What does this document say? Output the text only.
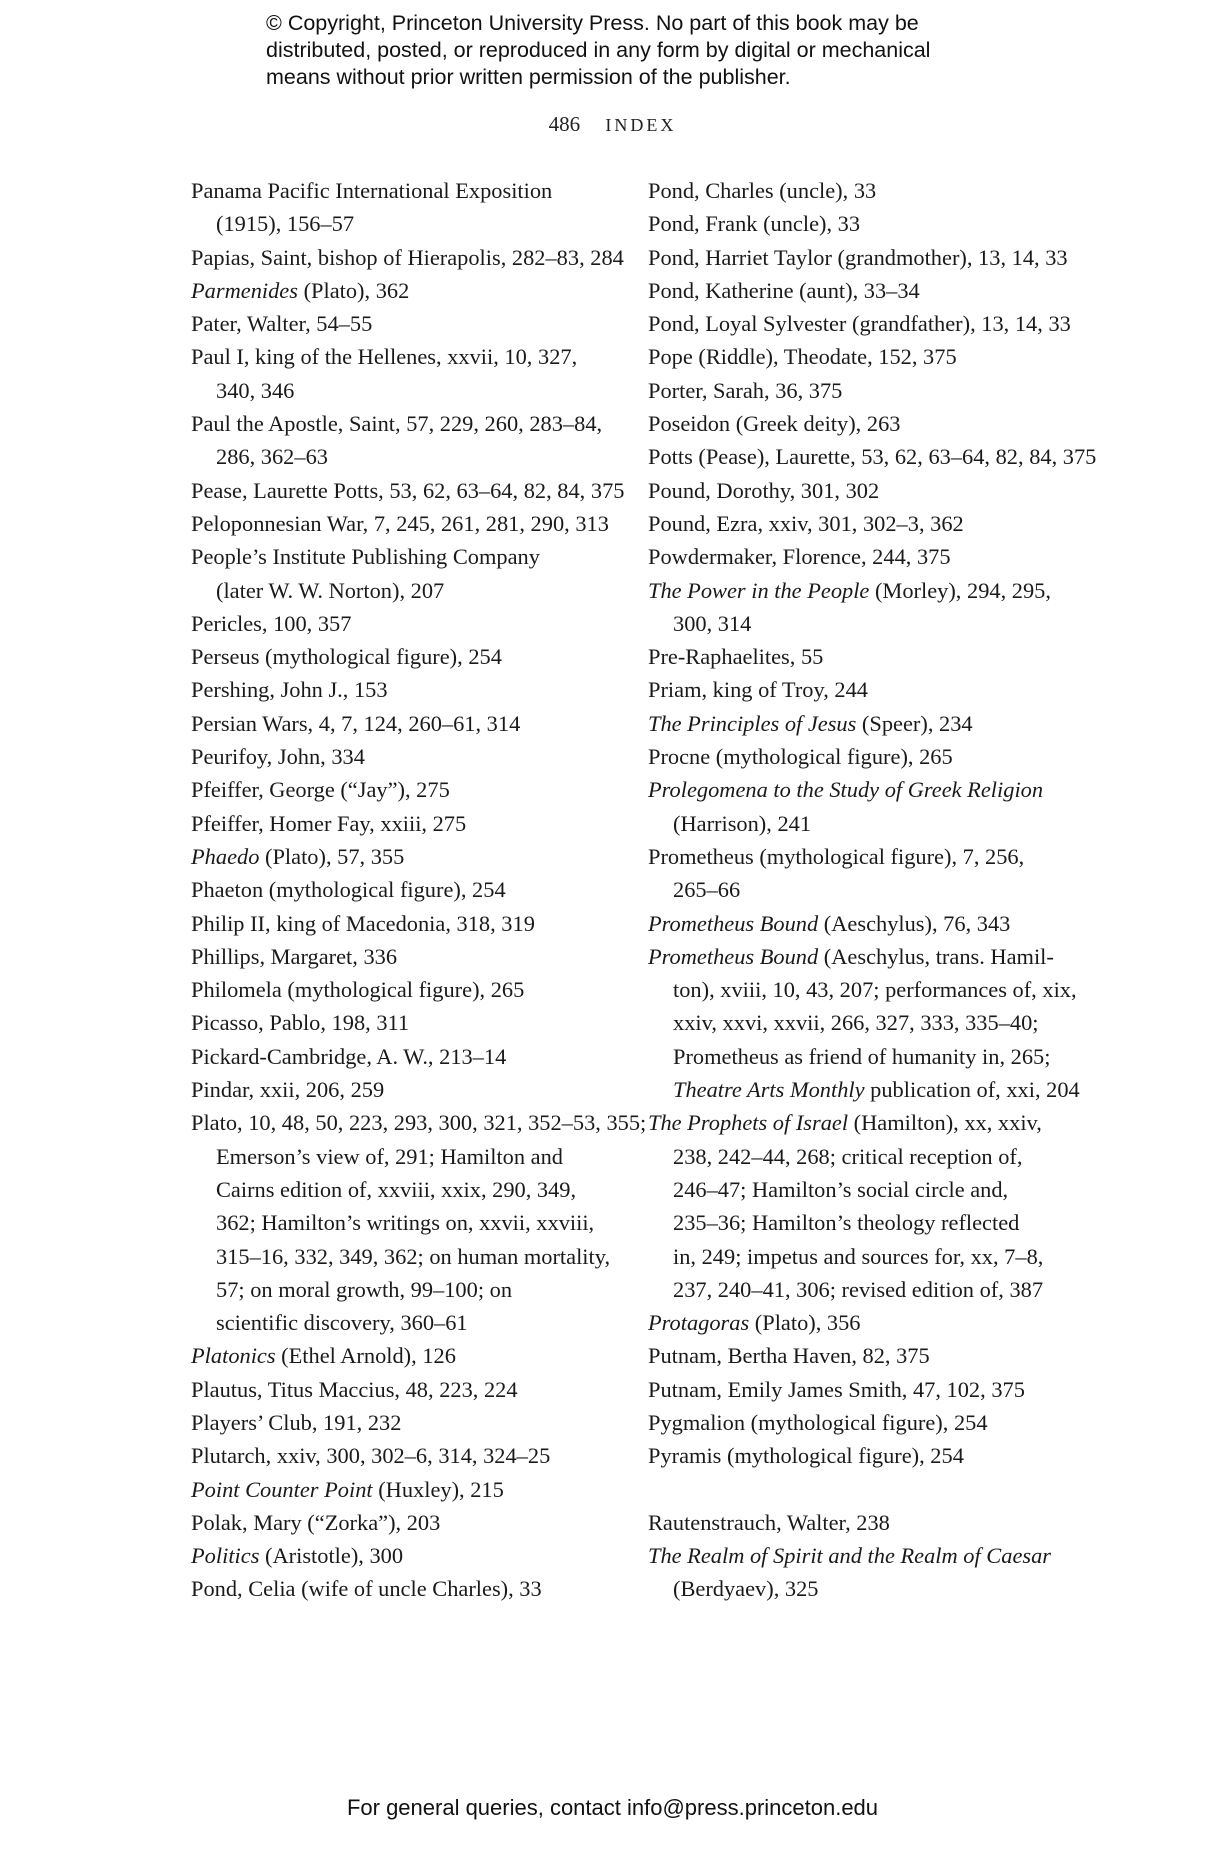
© Copyright, Princeton University Press. No part of this book may be
distributed, posted, or reproduced in any form by digital or mechanical
means without prior written permission of the publisher.
486 INDEX
Panama Pacific International Exposition
(1915), 156–57
Papias, Saint, bishop of Hierapolis, 282–83, 284
Parmenides (Plato), 362
Pater, Walter, 54–55
Paul I, king of the Hellenes, xxvii, 10, 327,
340, 346
Paul the Apostle, Saint, 57, 229, 260, 283–84,
286, 362–63
Pease, Laurette Potts, 53, 62, 63–64, 82, 84, 375
Peloponnesian War, 7, 245, 261, 281, 290, 313
People’s Institute Publishing Company
(later W. W. Norton), 207
Pericles, 100, 357
Perseus (mythological figure), 254
Pershing, John J., 153
Persian Wars, 4, 7, 124, 260–61, 314
Peurifoy, John, 334
Pfeiffer, George (“Jay”), 275
Pfeiffer, Homer Fay, xxiii, 275
Phaedo (Plato), 57, 355
Phaeton (mythological figure), 254
Philip II, king of Macedonia, 318, 319
Phillips, Margaret, 336
Philomela (mythological figure), 265
Picasso, Pablo, 198, 311
Pickard-Cambridge, A. W., 213–14
Pindar, xxii, 206, 259
Plato, 10, 48, 50, 223, 293, 300, 321, 352–53, 355;
Emerson’s view of, 291; Hamilton and
Cairns edition of, xxviii, xxix, 290, 349,
362; Hamilton’s writings on, xxvii, xxviii,
315–16, 332, 349, 362; on human mortality,
57; on moral growth, 99–100; on
scientific discovery, 360–61
Platonics (Ethel Arnold), 126
Plautus, Titus Maccius, 48, 223, 224
Players’ Club, 191, 232
Plutarch, xxiv, 300, 302–6, 314, 324–25
Point Counter Point (Huxley), 215
Polak, Mary (“Zorka”), 203
Politics (Aristotle), 300
Pond, Celia (wife of uncle Charles), 33
Pond, Charles (uncle), 33
Pond, Frank (uncle), 33
Pond, Harriet Taylor (grandmother), 13, 14, 33
Pond, Katherine (aunt), 33–34
Pond, Loyal Sylvester (grandfather), 13, 14, 33
Pope (Riddle), Theodate, 152, 375
Porter, Sarah, 36, 375
Poseidon (Greek deity), 263
Potts (Pease), Laurette, 53, 62, 63–64, 82, 84, 375
Pound, Dorothy, 301, 302
Pound, Ezra, xxiv, 301, 302–3, 362
Powdermaker, Florence, 244, 375
The Power in the People (Morley), 294, 295,
300, 314
Pre-Raphaelites, 55
Priam, king of Troy, 244
The Principles of Jesus (Speer), 234
Procne (mythological figure), 265
Prolegomena to the Study of Greek Religion
(Harrison), 241
Prometheus (mythological figure), 7, 256,
265–66
Prometheus Bound (Aeschylus), 76, 343
Prometheus Bound (Aeschylus, trans. Hamil-
ton), xviii, 10, 43, 207; performances of, xix,
xxiv, xxvi, xxvii, 266, 327, 333, 335–40;
Prometheus as friend of humanity in, 265;
Theatre Arts Monthly publication of, xxi, 204
The Prophets of Israel (Hamilton), xx, xxiv,
238, 242–44, 268; critical reception of,
246–47; Hamilton’s social circle and,
235–36; Hamilton’s theology reflected
in, 249; impetus and sources for, xx, 7–8,
237, 240–41, 306; revised edition of, 387
Protagoras (Plato), 356
Putnam, Bertha Haven, 82, 375
Putnam, Emily James Smith, 47, 102, 375
Pygmalion (mythological figure), 254
Pyramis (mythological figure), 254
Rautenstrauch, Walter, 238
The Realm of Spirit and the Realm of Caesar
(Berdyaev), 325
For general queries, contact info@press.princeton.edu
